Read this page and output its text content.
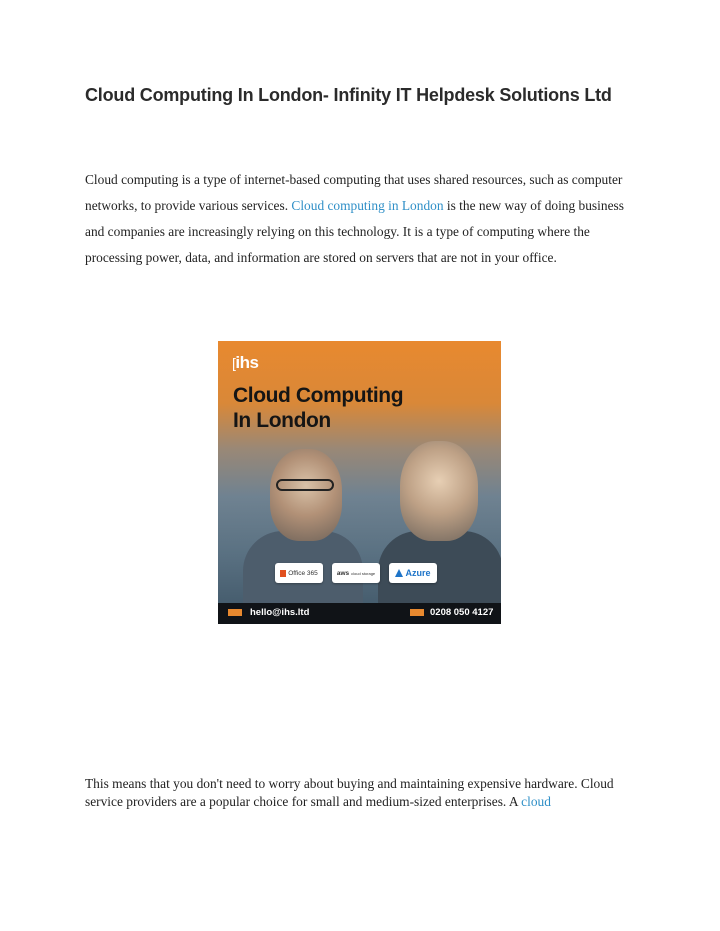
Cloud Computing In London- Infinity IT Helpdesk Solutions Ltd
Cloud computing is a type of internet-based computing that uses shared resources, such as computer networks, to provide various services. Cloud computing in London is the new way of doing business and companies are increasingly relying on this technology. It is a type of computing where the processing power, data, and information are stored on servers that are not in your office.
[ihs
Cloud Computing
In London
Office 365	aws cloud storage	Azure
hello@ihs.ltd	0208 050 4127
This means that you don't need to worry about buying and maintaining expensive hardware. Cloud service providers are a popular choice for small and medium-sized enterprises. A cloud
